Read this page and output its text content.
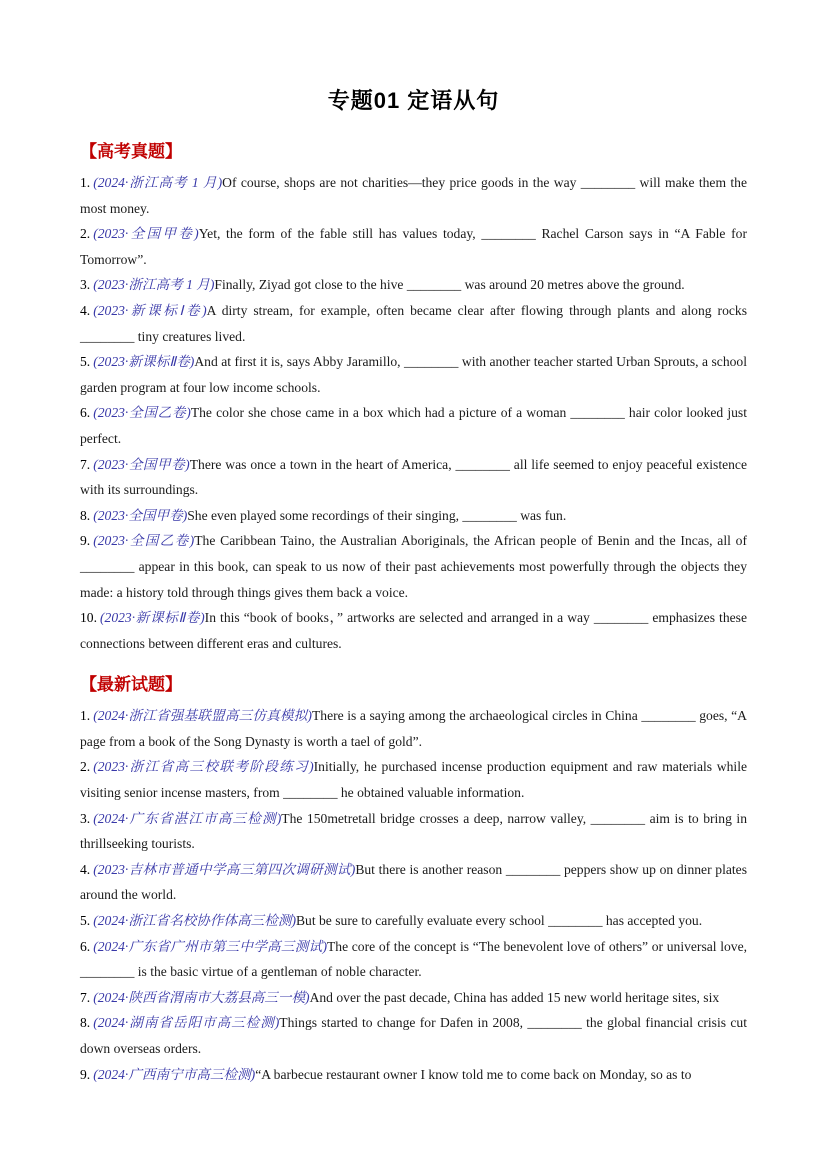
专题01 定语从句
【高考真题】

1. (2024·浙江高考 1 月)Of course, shops are not charities—they price goods in the way ________ will make them the most money.

2. (2023·全国甲卷)Yet, the form of the fable still has values today, ________ Rachel Carson says in “A Fable for Tomorrow”.

3. (2023·浙江高考 1 月)Finally, Ziyad got close to the hive ________ was around 20 metres above the ground.

4. (2023·新课标Ⅰ卷)A dirty stream, for example, often became clear after flowing through plants and along rocks ________ tiny creatures lived.

5. (2023·新课标Ⅱ卷)And at first it is, says Abby Jaramillo, ________ with another teacher started Urban Sprouts, a school garden program at four low income schools.

6. (2023·全国乙卷)The color she chose came in a box which had a picture of a woman ________ hair color looked just perfect.

7. (2023·全国甲卷)There was once a town in the heart of America, ________ all life seemed to enjoy peaceful existence with its surroundings.

8. (2023·全国甲卷)She even played some recordings of their singing, ________ was fun.

9. (2023·全国乙卷)The Caribbean Taino, the Australian Aboriginals, the African people of Benin and the Incas, all of ________ appear in this book, can speak to us now of their past achievements most powerfully through the objects they made: a history told through things gives them back a voice.

10. (2023·新课标Ⅱ卷)In this “book of books，” artworks are selected and arranged in a way ________ emphasizes these connections between different eras and cultures.

【最新试题】

1. (2024·浙江省强基联盟高三仿真模拟)There is a saying among the archaeological circles in China ________ goes, “A page from a book of the Song Dynasty is worth a tael of gold”.

2. (2023·浙江省高三校联考阶段练习)Initially, he purchased incense production equipment and raw materials while visiting senior incense masters, from ________ he obtained valuable information.

3. (2024·广东省湛江市高三检测)The 150metretall bridge crosses a deep, narrow valley, ________ aim is to bring in thrillseeking tourists.

4. (2023·吉林市普通中学高三第四次调研测试)But there is another reason ________ peppers show up on dinner plates around the world.

5. (2024·浙江省名校协作体高三检测)But be sure to carefully evaluate every school ________ has accepted you.

6. (2024·广东省广州市第三中学高三测试)The core of the concept is “The benevolent love of others” or universal love, ________ is the basic virtue of a gentleman of noble character.

7. (2024·陕西省渭南市大荔县高三一模)And over the past decade, China has added 15 new world heritage sites, six

8. (2024·湖南省岳阳市高三检测)Things started to change for Dafen in 2008, ________ the global financial crisis cut down overseas orders.

9. (2024·广西南宁市高三检测)“A barbecue restaurant owner I know told me to come back on Monday, so as to
